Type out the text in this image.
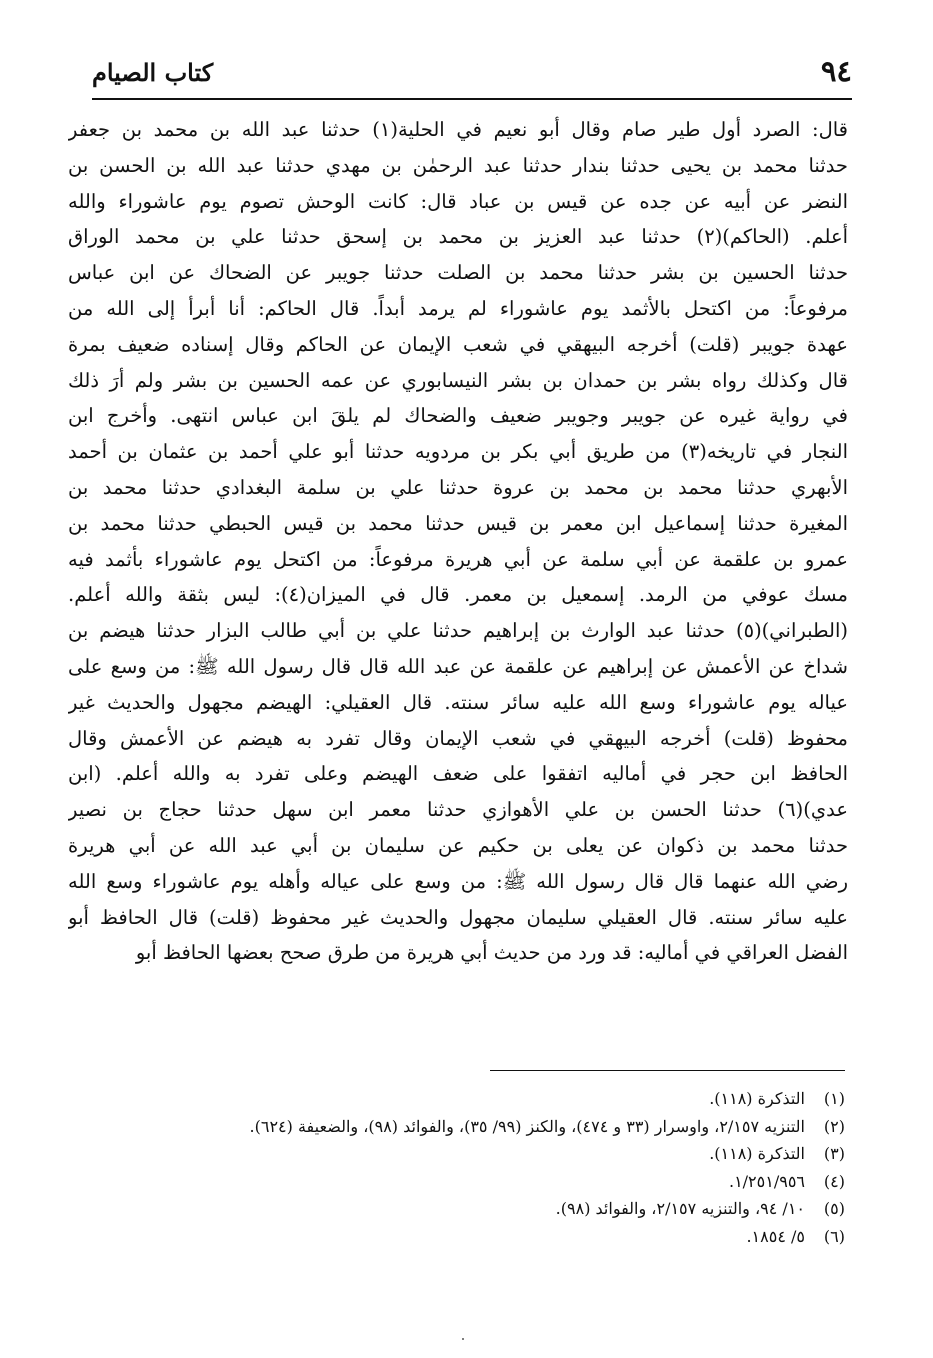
٩٤
كتاب الصيام
قال: الصرد أول طير صام وقال أبو نعيم في الحلية(١) حدثنا عبد الله بن محمد بن جعفر
حدثنا محمد بن يحيى حدثنا بندار حدثنا عبد الرحمٰن بن مهدي حدثنا عبد الله بن الحسن بن
النضر عن أبيه عن جده عن قيس بن عباد قال: كانت الوحش تصوم يوم عاشوراء والله
أعلم. (الحاكم)(٢) حدثنا عبد العزيز بن محمد بن إسحق حدثنا علي بن محمد الوراق
حدثنا الحسين بن بشر حدثنا محمد بن الصلت حدثنا جويبر عن الضحاك عن ابن عباس
مرفوعاً: من اكتحل بالأثمد يوم عاشوراء لم يرمد أبداً. قال الحاكم: أنا أبرأ إلى الله من
عهدة جويبر (قلت) أخرجه البيهقي في شعب الإيمان عن الحاكم وقال إسناده ضعيف بمرة
قال وكذلك رواه بشر بن حمدان بن بشر النيسابوري عن عمه الحسين بن بشر ولم أرَ ذلك
في رواية غيره عن جويبر وجويبر ضعيف والضحاك لم يلقَ ابن عباس انتهى. وأخرج ابن
النجار في تاريخه(٣) من طريق أبي بكر بن مردويه حدثنا أبو علي أحمد بن عثمان بن أحمد
الأبهري حدثنا محمد بن محمد بن عروة حدثنا علي بن سلمة البغدادي حدثنا محمد بن
المغيرة حدثنا إسماعيل ابن معمر بن قيس حدثنا محمد بن قيس الحبطي حدثنا محمد بن
عمرو بن علقمة عن أبي سلمة عن أبي هريرة مرفوعاً: من اكتحل يوم عاشوراء بأثمد فيه
مسك عوفي من الرمد. إسمعيل بن معمر. قال في الميزان(٤): ليس بثقة والله أعلم.
(الطبراني)(٥) حدثنا عبد الوارث بن إبراهيم حدثنا علي بن أبي طالب البزار حدثنا هيضم بن
شداخ عن الأعمش عن إبراهيم عن علقمة عن عبد الله قال قال رسول الله ﷺ: من وسع على
عياله يوم عاشوراء وسع الله عليه سائر سنته. قال العقيلي: الهيضم مجهول والحديث غير
محفوظ (قلت) أخرجه البيهقي في شعب الإيمان وقال تفرد به هيضم عن الأعمش وقال
الحافظ ابن حجر في أماليه اتفقوا على ضعف الهيضم وعلى تفرد به والله أعلم. (ابن
عدي)(٦) حدثنا الحسن بن علي الأهوازي حدثنا معمر ابن سهل حدثنا حجاج بن نصير
حدثنا محمد بن ذكوان عن يعلى بن حكيم عن سليمان بن أبي عبد الله عن أبي هريرة
رضي الله عنهما قال قال رسول الله ﷺ: من وسع على عياله وأهله يوم عاشوراء وسع الله
عليه سائر سنته. قال العقيلي سليمان مجهول والحديث غير محفوظ (قلت) قال الحافظ أبو
الفضل العراقي في أماليه: قد ورد من حديث أبي هريرة من طرق صحح بعضها الحافظ أبو
(١)التذكرة (١١٨).
(٢)التنزيه ٢/١٥٧، واوسرار (٣٣ و ٤٧٤)، والكنز (٩٩/ ٣٥)، والفوائد (٩٨)، والضعيفة (٦٢٤).
(٣)التذكرة (١١٨).
(٤)١/٢٥١/٩٥٦.
(٥)١٠/ ٩٤، والتنزيه ٢/١٥٧، والفوائد (٩٨).
(٦)٥/ ١٨٥٤.
